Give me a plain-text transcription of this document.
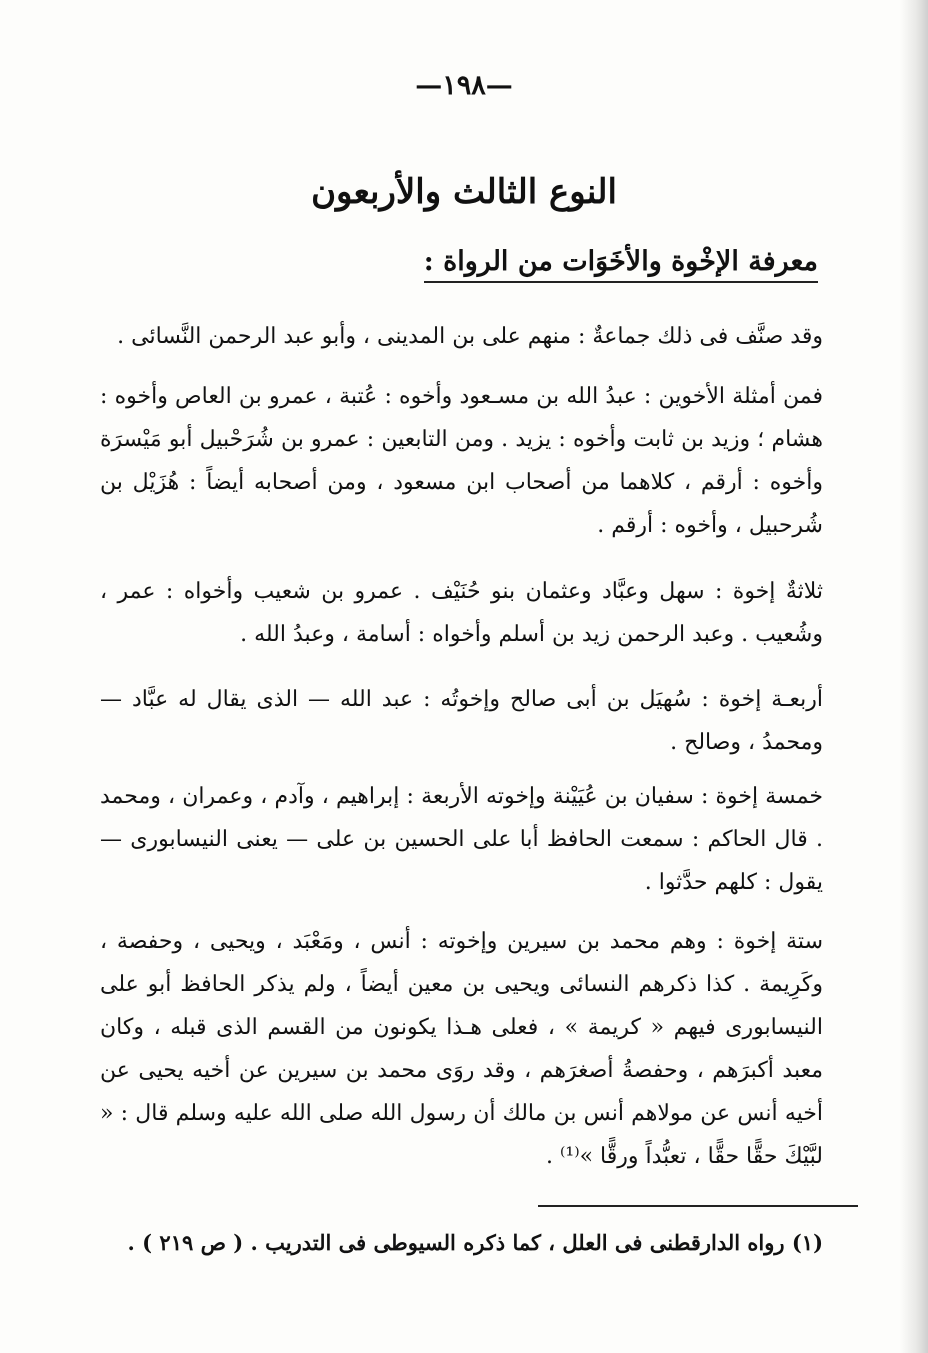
—١٩٨—
النوع الثالث والأربعون
معرفة الإخْوة والأخَوَات من الرواة :

وقد صنَّف فى ذلك جماعةٌ : منهم على بن المدينى ، وأبو عبد الرحمن النَّسائى .

فمن أمثلة الأخوين : عبدُ الله بن مسـعود وأخوه : عُتبة ، عمرو بن العاص وأخوه : هشام ؛ وزيد بن ثابت وأخوه : يزيد . ومن التابعين : عمرو بن شُرَحْبيل أبو مَيْسرَة وأخوه : أرقم ، كلاهما من أصحاب ابن مسعود ، ومن أصحابه أيضاً : هُزَيْل بن شُرحبيل ، وأخوه : أرقم .

ثلاثةٌ إخوة : سهل وعبَّاد وعثمان بنو حُنَيْف . عمرو بن شعيب وأخواه : عمر ، وشُعيب . وعبد الرحمن زيد بن أسلم وأخواه : أسامة ، وعبدُ الله .

أربعـة إخوة : سُهيَل بن أبى صالح وإخوتُه : عبد الله — الذى يقال له عبَّاد — ومحمدُ ، وصالح .

خمسة إخوة : سفيان بن عُيَيْنة وإخوته الأربعة : إبراهيم ، وآدم ، وعمران ، ومحمد . قال الحاكم : سمعت الحافظ أبا على الحسين بن على — يعنى النيسابورى — يقول : كلهم حدَّثوا .

ستة إخوة : وهم محمد بن سيرين وإخوته : أنس ، ومَعْبَد ، ويحيى ، وحفصة ، وكَرِيمة . كذا ذكرهم النسائى ويحيى بن معين أيضاً ، ولم يذكر الحافظ أبو على النيسابورى فيهم « كريمة » ، فعلى هـذا يكونون من القسم الذى قبله ، وكان معبد أكبرَهم ، وحفصةُ أصغرَهم ، وقد روَى محمد بن سيرين عن أخيه يحيى عن أخيه أنس عن مولاهم أنس بن مالك أن رسول الله صلى الله عليه وسلم قال : « لبَّيْكَ حقًّا حقًّا ، تعبُّداً ورقًّا »⁽¹⁾ .

(١) رواه الدارقطنى فى العلل ، كما ذكره السيوطى فى التدريب . ( ص ٢١٩ ) .
